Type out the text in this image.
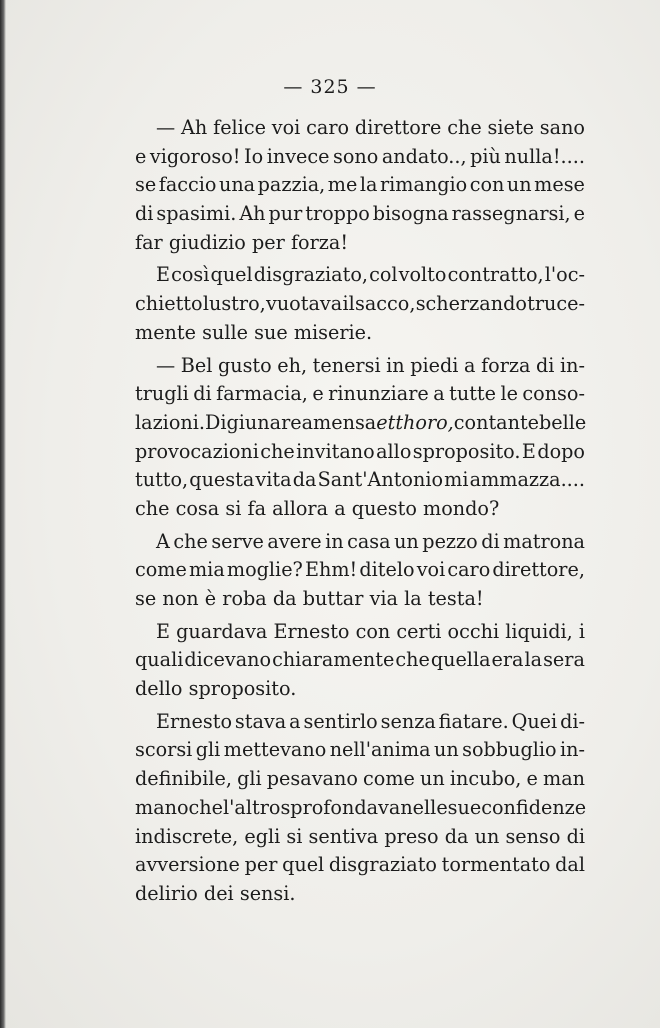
— 325 —
— Ah felice voi caro direttore che siete sano
e vigoroso! Io invece sono andato.., più nulla!....
se faccio una pazzia, me la rimangio con un mese
di spasimi. Ah pur troppo bisogna rassegnarsi, e
far giudizio per forza!
E così quel disgraziato, col volto contratto, l'oc-
chietto lustro, vuotava il sacco, scherzando truce-
mente sulle sue miserie.
— Bel gusto eh, tenersi in piedi a forza di in-
trugli di farmacia, e rinunziare a tutte le conso-
lazioni. Digiunare a mensa et thoro, con tante belle
provocazioni che invitano allo sproposito. E dopo
tutto, questa vita da Sant'Antonio mi ammazza....
che cosa si fa allora a questo mondo?
A che serve avere in casa un pezzo di matrona
come mia moglie? Ehm! ditelo voi caro direttore,
se non è roba da buttar via la testa!
E guardava Ernesto con certi occhi liquidi, i
quali dicevano chiaramente che quella era la sera
dello sproposito.
Ernesto stava a sentirlo senza fiatare. Quei di-
scorsi gli mettevano nell'anima un sobbuglio in-
definibile, gli pesavano come un incubo, e man
mano che l'altro sprofondava nelle sue confidenze
indiscrete, egli si sentiva preso da un senso di
avversione per quel disgraziato tormentato dal
delirio dei sensi.
